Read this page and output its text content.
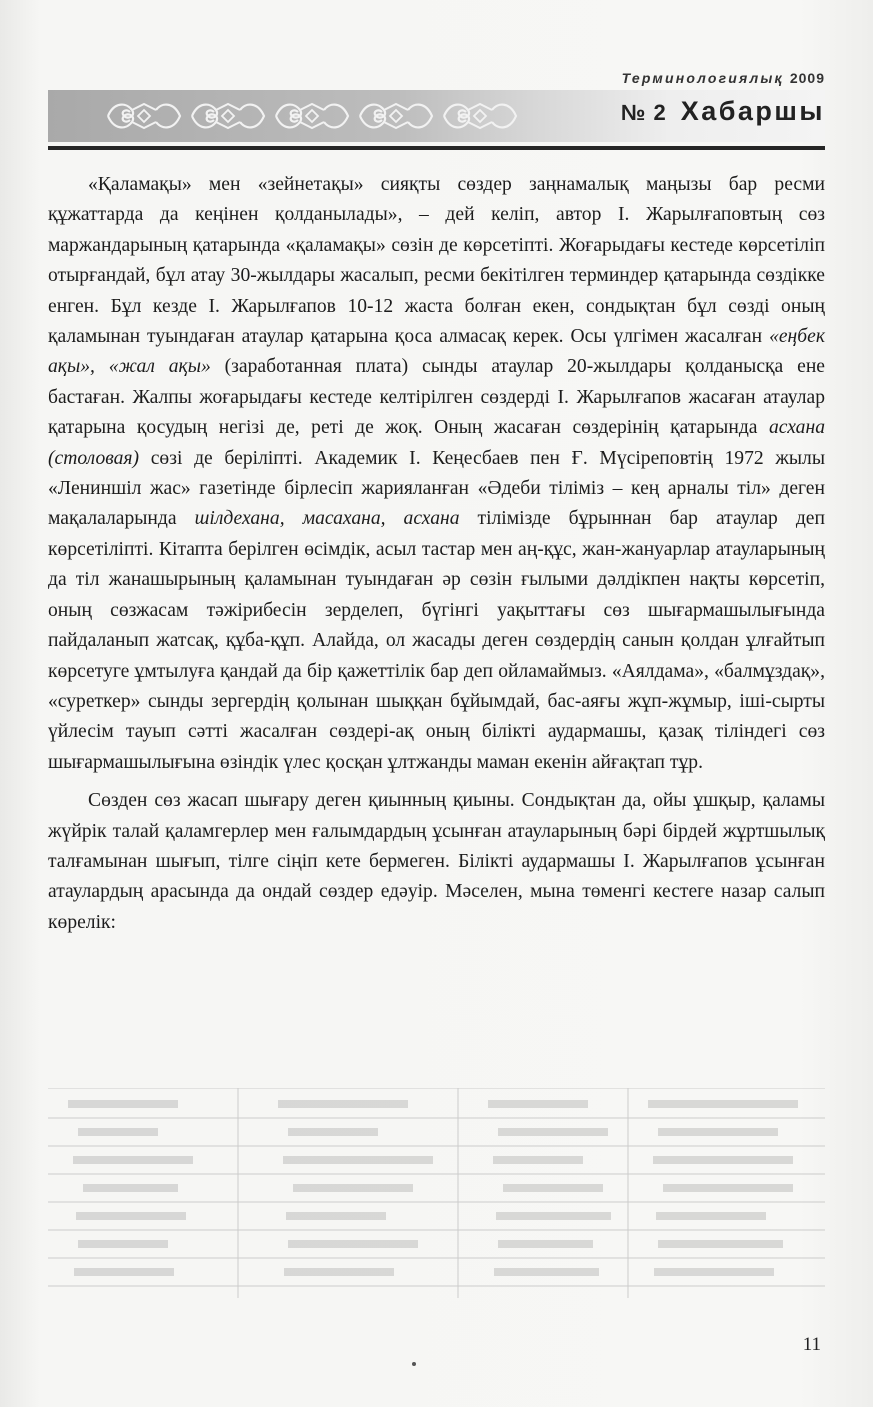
Терминологиялық 2009
№ 2 Хабаршы

«Қаламақы» мен «зейнетақы» сияқты сөздер заңнамалық маңызы бар ресми құжаттарда да кеңінен қолданылады», – дей келіп, автор І. Жарылғаповтың сөз маржандарының қатарында «қаламақы» сөзін де көрсетіпті. Жоғарыдағы кестеде көрсетіліп отырғандай, бұл атау 30-жылдары жасалып, ресми бекітілген терминдер қатарында сөздікке енген. Бұл кезде І. Жарылғапов 10-12 жаста болған екен, сондықтан бұл сөзді оның қаламынан туындаған атаулар қатарына қоса алмасақ керек. Осы үлгімен жасалған «еңбек ақы», «жал ақы» (заработанная плата) сынды атаулар 20-жылдары қолданысқа ене бастаған. Жалпы жоғарыдағы кестеде келтірілген сөздерді І. Жарылғапов жасаған атаулар қатарына қосудың негізі де, реті де жоқ. Оның жасаған сөздерінің қатарында асхана (столовая) сөзі де беріліпті. Академик І. Кеңесбаев пен Ғ. Мүсіреповтің 1972 жылы «Лениншіл жас» газетінде бірлесіп жарияланған «Әдеби тіліміз – кең арналы тіл» деген мақалаларында шілдехана, масахана, асхана тілімізде бұрыннан бар атаулар деп көрсетіліпті. Кітапта берілген өсімдік, асыл тастар мен аң-құс, жан-жануарлар атауларының да тіл жанашырының қаламынан туындаған әр сөзін ғылыми дәлдікпен нақты көрсетіп, оның сөзжасам тәжірибесін зерделеп, бүгінгі уақыттағы сөз шығармашылығында пайдаланып жатсақ, құба-құп. Алайда, ол жасады деген сөздердің санын қолдан ұлғайтып көрсетуге ұмтылуға қандай да бір қажеттілік бар деп ойламаймыз. «Аялдама», «балмұздақ», «суреткер» сынды зергердің қолынан шыққан бұйымдай, бас-аяғы жұп-жұмыр, іші-сырты үйлесім тауып сәтті жасалған сөздері-ақ оның білікті аудармашы, қазақ тіліндегі сөз шығармашылығына өзіндік үлес қосқан ұлтжанды маман екенін айғақтап тұр.

Сөзден сөз жасап шығару деген қиынның қиыны. Сондықтан да, ойы ұшқыр, қаламы жүйрік талай қаламгерлер мен ғалымдардың ұсынған атауларының бәрі бірдей жұртшылық талғамынан шығып, тілге сіңіп кете бермеген. Білікті аудармашы І. Жарылғапов ұсынған атаулардың арасында да ондай сөздер едәуір. Мәселен, мына төменгі кестеге назар салып көрелік:

11
